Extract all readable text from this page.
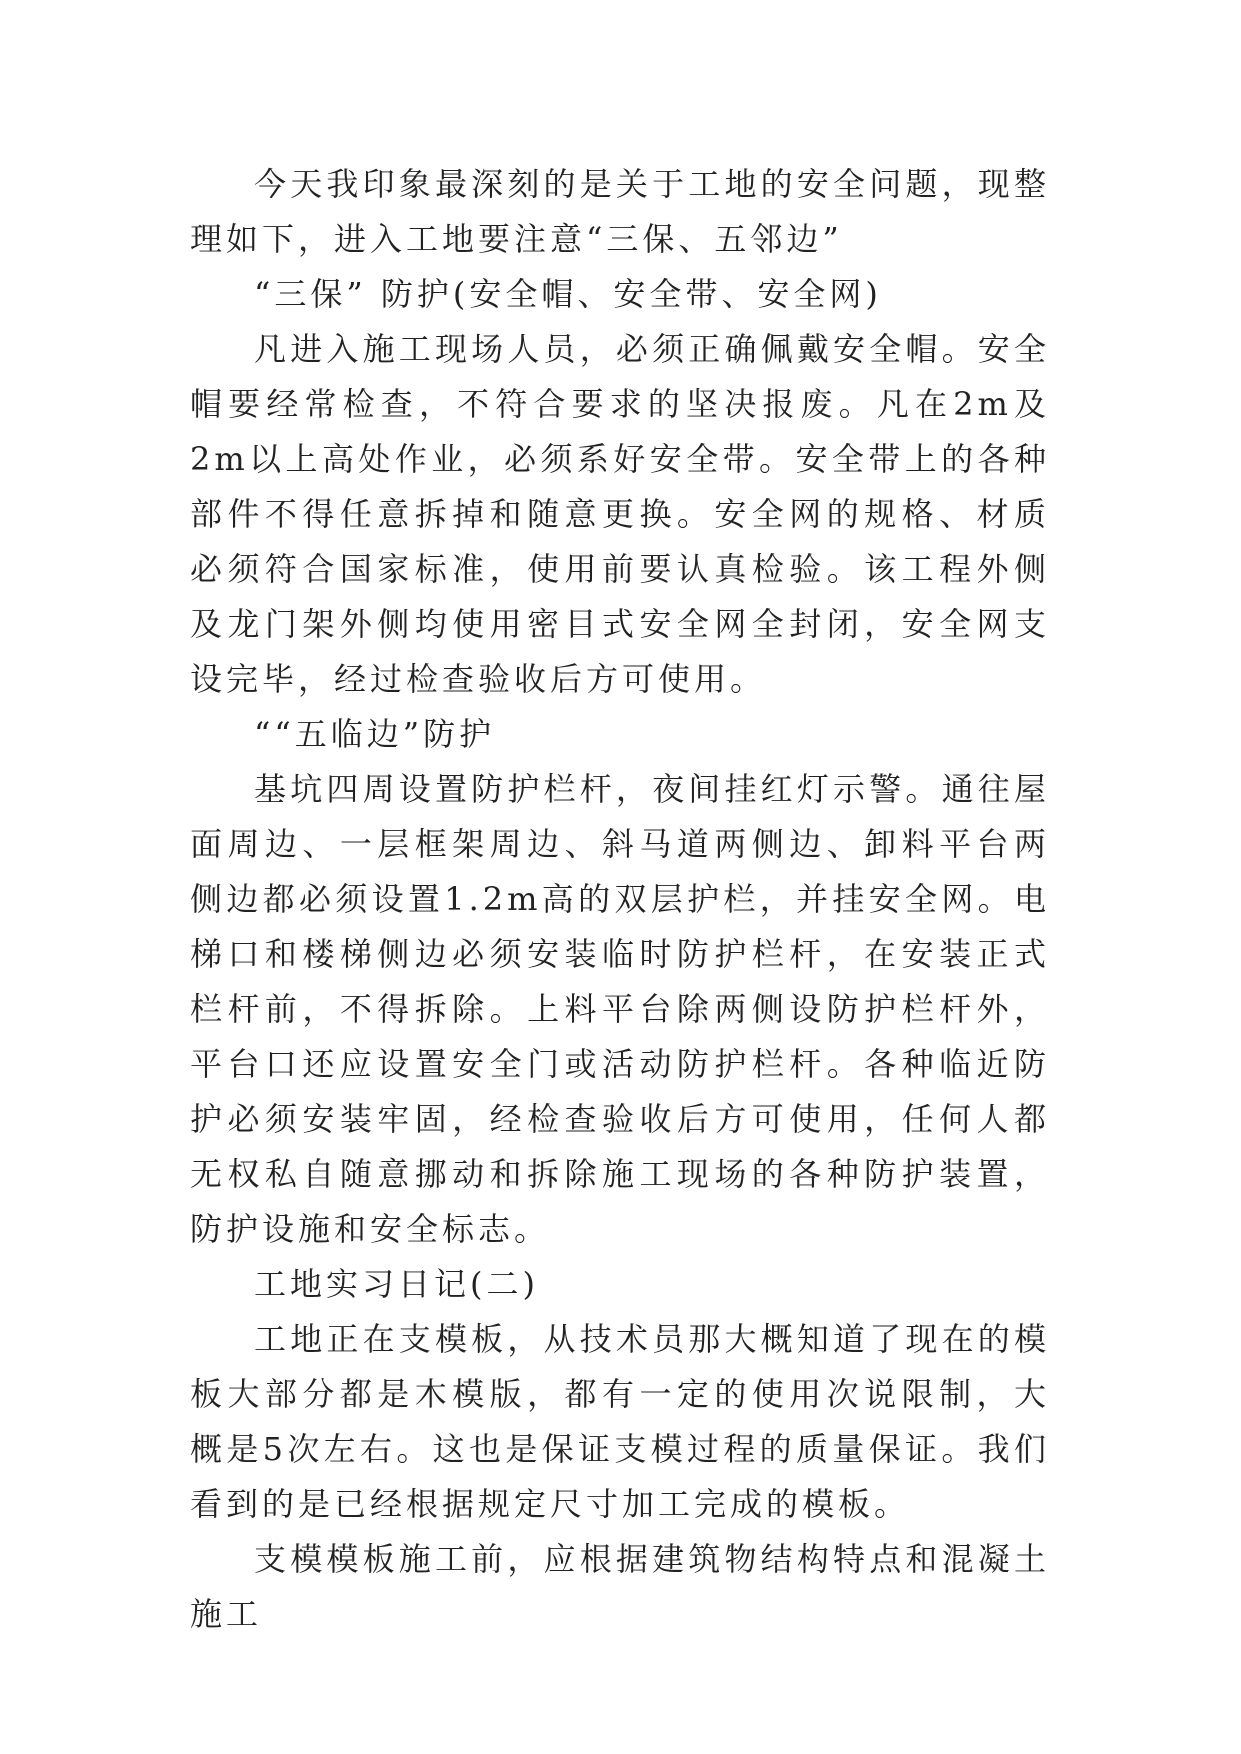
今天我印象最深刻的是关于工地的安全问题，现整理如下，进入工地要注意“三保、五邻边”

“三保” 防护(安全帽、安全带、安全网)

凡进入施工现场人员，必须正确佩戴安全帽。安全帽要经常检查，不符合要求的坚决报废。凡在2m及2m以上高处作业，必须系好安全带。安全带上的各种部件不得任意拆掉和随意更换。安全网的规格、材质必须符合国家标准，使用前要认真检验。该工程外侧及龙门架外侧均使用密目式安全网全封闭，安全网支设完毕，经过检查验收后方可使用。

““五临边”防护

基坑四周设置防护栏杆，夜间挂红灯示警。通往屋面周边、一层框架周边、斜马道两侧边、卸料平台两侧边都必须设置1.2m高的双层护栏，并挂安全网。电梯口和楼梯侧边必须安装临时防护栏杆，在安装正式栏杆前，不得拆除。上料平台除两侧设防护栏杆外，平台口还应设置安全门或活动防护栏杆。各种临近防护必须安装牢固，经检查验收后方可使用，任何人都无权私自随意挪动和拆除施工现场的各种防护装置，防护设施和安全标志。

工地实习日记(二)

工地正在支模板，从技术员那大概知道了现在的模板大部分都是木模版，都有一定的使用次说限制，大概是5次左右。这也是保证支模过程的质量保证。我们看到的是已经根据规定尺寸加工完成的模板。

支模模板施工前，应根据建筑物结构特点和混凝土施工
